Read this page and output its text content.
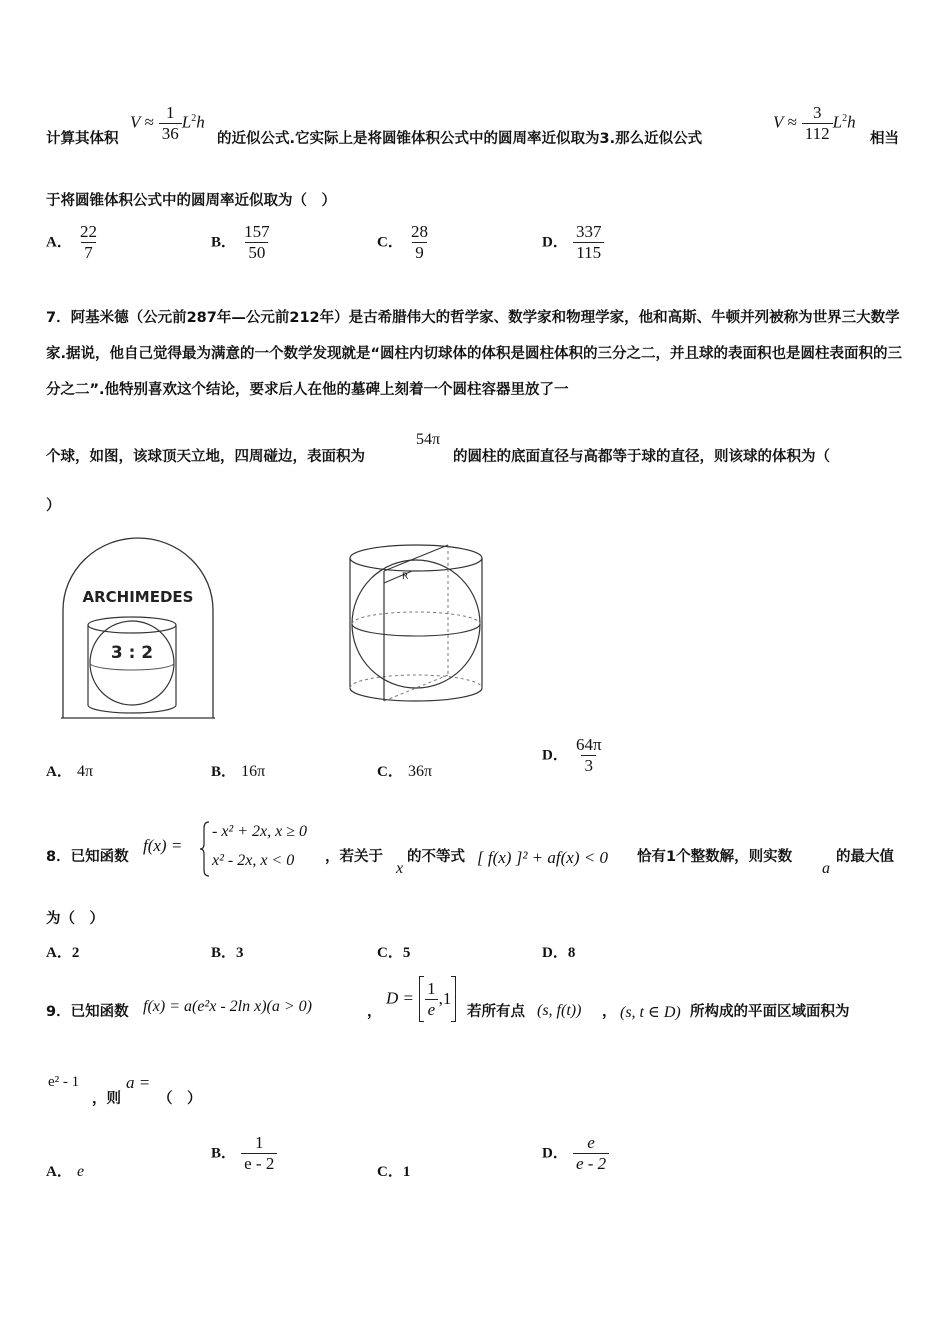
计算其体积
$V \approx \frac{1}{36} L^2h$
的近似公式.它实际上是将圆锥体积公式中的圆周率近似取为3.那么近似公式
$V \approx \frac{3}{112} L^2h$
相当
于将圆锥体积公式中的圆周率近似取为（　）
A． $\frac{22}{7}$	B． $\frac{157}{50}$	C． $\frac{28}{9}$	D． $\frac{337}{115}$
7．阿基米德（公元前287年—公元前212年）是古希腊伟大的哲学家、数学家和物理学家，他和高斯、牛顿并列被称为世界三大数学家.据说，他自己觉得最为满意的一个数学发现就是“圆柱内切球体的体积是圆柱体积的三分之二，并且球的表面积也是圆柱表面积的三分之二”.他特别喜欢这个结论，要求后人在他的墓碑上刻着一个圆柱容器里放了一
个球，如图，该球顶天立地，四周碰边，表面积为
54π
的圆柱的底面直径与高都等于球的直径，则该球的体积为（
）
ARCHIMEDES
3 : 2
R
A． 4π	B． 16π	C． 36π
D． $\frac{64\pi}{3}$
8．已知函数
f(x) =
- x² + 2x, x ≥ 0
x² - 2x, x < 0 ，若关于
x
的不等式 [ f(x) ]² + af(x) < 0 恰有1个整数解，则实数
a
的最大值
为（　）
A．2	B．3	C．5	D．8
9．已知函数 f(x) = a(e²x - 2ln x)(a > 0)	，
$D = \frac{1}{e} ,1$
若所有点 (s, f(t)) ， (s, t ∈ D) 所构成的平面区域面积为
e² - 1
，则
a =
（　）
A． e
B． $\frac{1}{e - 2}$	C．1
D． $\frac{e}{e - 2}$
